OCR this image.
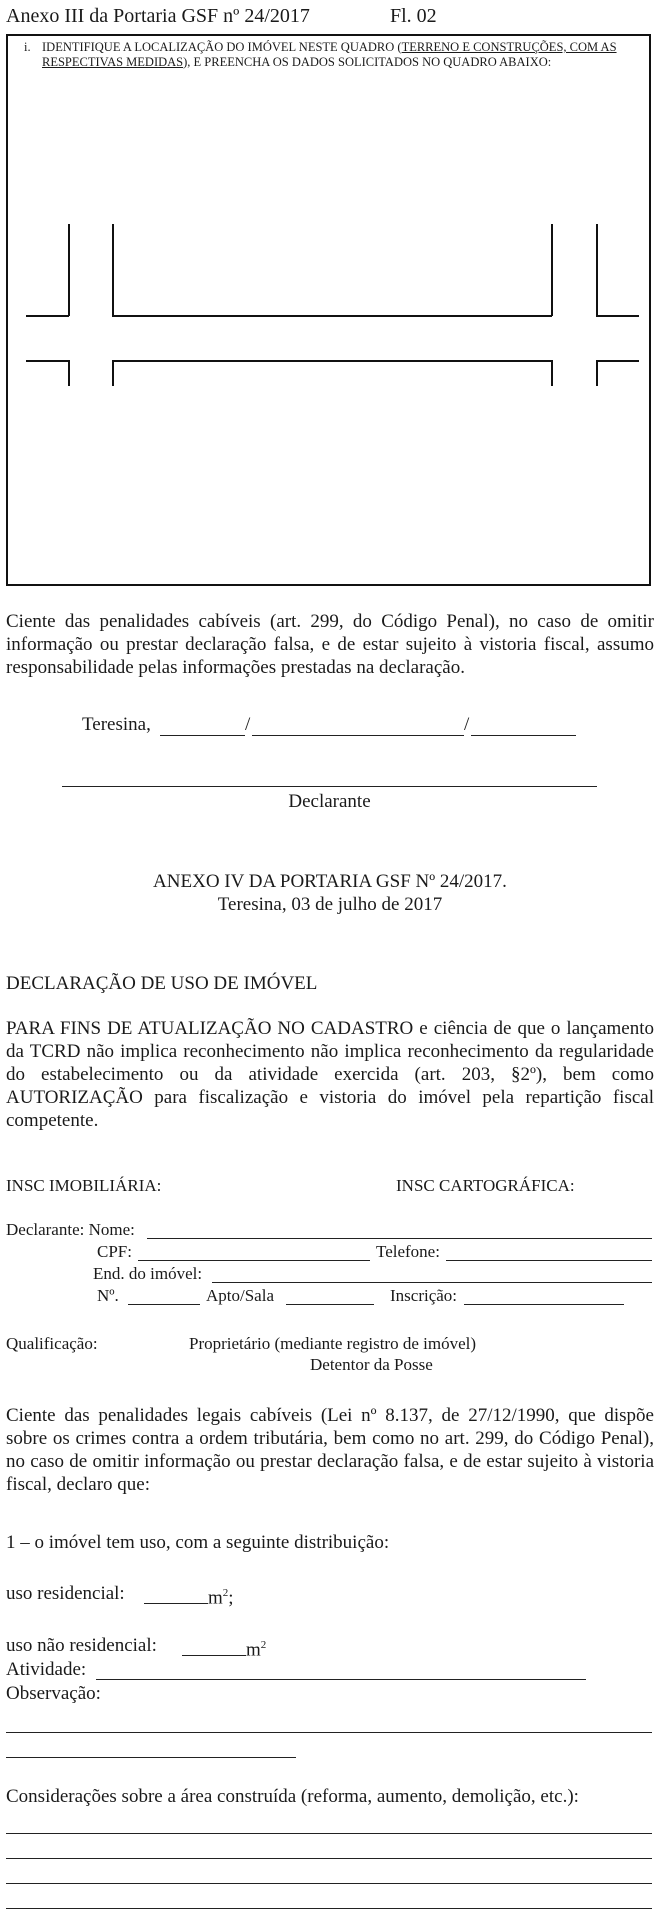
Anexo III da Portaria GSF nº 24/2017	Fl. 02
i. IDENTIFIQUE A LOCALIZAÇÃO DO IMÓVEL NESTE QUADRO (TERRENO E CONSTRUÇÕES, COM AS RESPECTIVAS MEDIDAS), E PREENCHA OS DADOS SOLICITADOS NO QUADRO ABAIXO:
Ciente das penalidades cabíveis (art. 299, do Código Penal), no caso de omitir informação ou prestar declaração falsa, e de estar sujeito à vistoria fiscal, assumo responsabilidade pelas informações prestadas na declaração.
Teresina,	/	/
Declarante
ANEXO IV DA PORTARIA GSF Nº 24/2017.
Teresina, 03 de julho de 2017
DECLARAÇÃO DE USO DE IMÓVEL
PARA FINS DE ATUALIZAÇÃO NO CADASTRO e ciência de que o lançamento da TCRD não implica reconhecimento não implica reconhecimento da regularidade do estabelecimento ou da atividade exercida (art. 203, §2º), bem como AUTORIZAÇÃO para fiscalização e vistoria do imóvel pela repartição fiscal competente.
INSC IMOBILIÁRIA:	INSC CARTOGRÁFICA:
Declarante: Nome:
CPF:	Telefone:
End. do imóvel:
Nº.	Apto/Sala	Inscrição:
Qualificação:	Proprietário (mediante registro de imóvel)
Detentor da Posse
Ciente das penalidades legais cabíveis (Lei nº 8.137, de 27/12/1990, que dispõe sobre os crimes contra a ordem tributária, bem como no art. 299, do Código Penal), no caso de omitir informação ou prestar declaração falsa, e de estar sujeito à vistoria fiscal, declaro que:
1 – o imóvel tem uso, com a seguinte distribuição:
uso residencial:	$m^2$;
uso não residencial:	$m^2$
Atividade:
Observação:
Considerações sobre a área construída (reforma, aumento, demolição, etc.):
